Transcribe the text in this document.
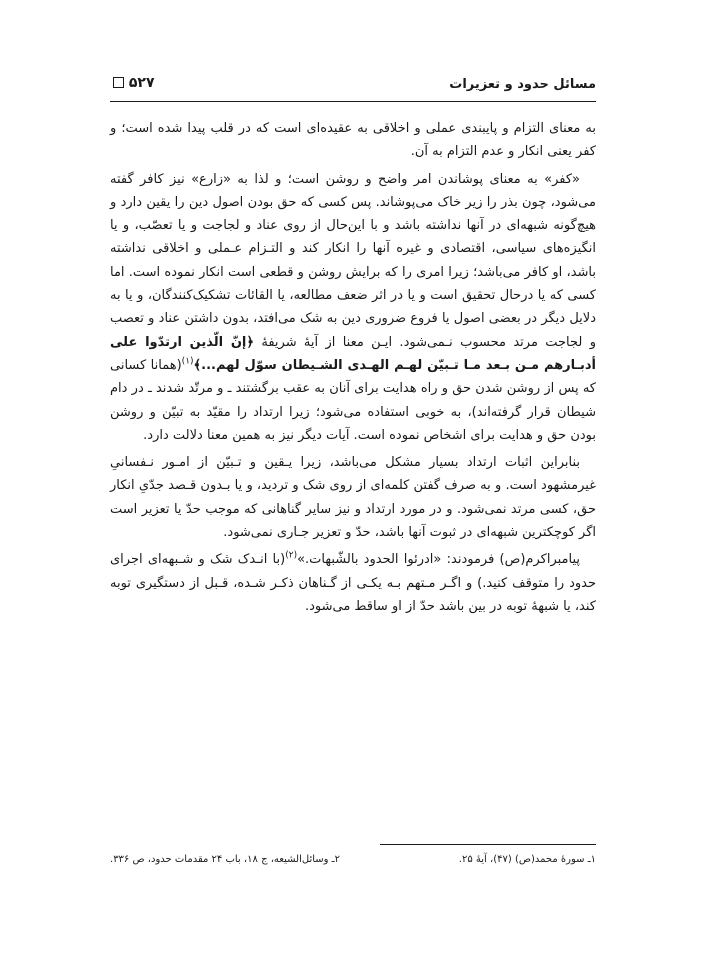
مسائل حدود و تعزیرات
۵۲۷

به معنای التزام و پایبندی عملی و اخلاقی به عقیده‌ای است که در قلب پیدا شده است؛ و کفر یعنی انکار و عدم التزام به آن.

«کفر» به معنای پوشاندن امر واضح و روشن است؛ و لذا به «زارع» نیز کافر گفته می‌شود، چون بذر را زیر خاک می‌پوشاند. پس کسی که حق بودن اصول دین را یقین دارد و هیچ‌گونه شبهه‌ای در آنها نداشته باشد و با این‌حال از روی عناد و لجاجت و یا تعصّب، و یا انگیزه‌های سیاسی، اقتصادی و غیره آنها را انکار کند و التـزام عـملی و اخلاقی نداشته باشد، او کافر می‌باشد؛ زیرا امری را که برایش روشن و قطعی است انکار نموده است. اما کسی که یا درحال تحقیق است و یا در اثر ضعف مطالعه، یا القائات تشکیک‌کنندگان، و یا به دلایل دیگر در بعضی اصول یا فروع ضروری دین به شک می‌افتد، بدون داشتن عناد و تعصب و لجاجت مرتد محسوب نـمی‌شود. ایـن معنا از آیهٔ شریفهٔ ﴿إنّ الّذین ارتدّوا علی أدبـارهم مـن بـعد مـا تـبیّن لهـم الهـدی الشـیطان سوّل لهم...﴾$^{(۱)}$(همانا کسانی که پس از روشن شدن حق و راه هدایت برای آنان به عقب برگشتند ـ و مرتّد شدند ـ در دام شیطان قرار گرفته‌اند)، به خوبی استفاده می‌شود؛ زیرا ارتداد را مقیّد به تبیّن و روشن بودن حق و هدایت برای اشخاص نموده است. آیات دیگر نیز به همین معنا دلالت دارد.

بنابراین اثبات ارتداد بسیار مشکل می‌باشد، زیرا یـقین و تـبیّن از امـور نـفسانیِ غیرمشهود است. و به صرف گفتن کلمه‌ای از روی شک و تردید، و یا بـدون قـصد جدّیِ انکار حق، کسی مرتد نمی‌شود. و در مورد ارتداد و نیز سایر گناهانی که موجب حدّ یا تعزیر است اگر کوچکترین شبهه‌ای در ثبوت آنها باشد، حدّ و تعزیر جـاری نمی‌شود.

پیامبراکرم(ص) فرمودند: «ادرئوا الحدود بالشّبهات.»$^{(۲)}$(با انـدک شک و شـبهه‌ای اجرای حدود را متوقف کنید.) و اگـر مـتهم بـه یکـی از گـناهان ذکـر شـده، قـبل از دستگیری توبه کند، یا شبههٔ توبه در بین باشد حدّ از او ساقط می‌شود.

۱ـ سورهٔ محمد(ص) (۴۷)، آیهٔ ۲۵.
۲ـ وسائل‌الشیعه، ج ۱۸، باب ۲۴ مقدمات حدود، ص ۳۳۶.
